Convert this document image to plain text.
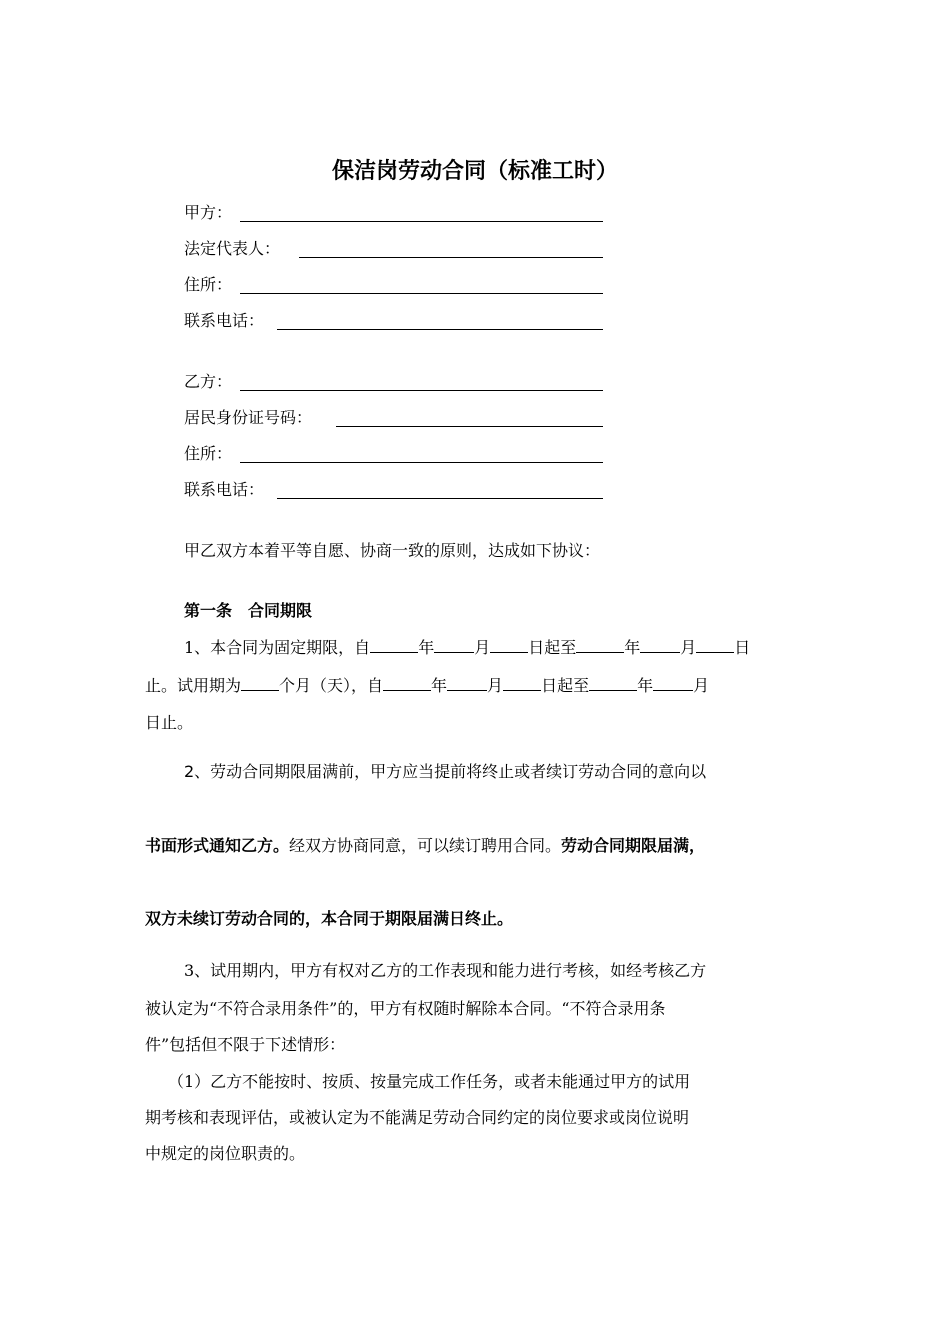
保洁岗劳动合同（标准工时）
甲方：
法定代表人：
住所：
联系电话：
乙方：
居民身份证号码：
住所：
联系电话：
甲乙双方本着平等自愿、协商一致的原则，达成如下协议：
第一条　合同期限
1、本合同为固定期限，自	年	月 日起至	年	月 日
止。试用期为 个月（天），自	年	月 日起至	年	月
日止。
2、劳动合同期限届满前，甲方应当提前将终止或者续订劳动合同的意向以
书面形式通知乙方。经双方协商同意，可以续订聘用合同。劳动合同期限届满，
双方未续订劳动合同的，本合同于期限届满日终止。
3、试用期内，甲方有权对乙方的工作表现和能力进行考核，如经考核乙方
被认定为“不符合录用条件”的，甲方有权随时解除本合同。“不符合录用条
件”包括但不限于下述情形：
（1）乙方不能按时、按质、按量完成工作任务，或者未能通过甲方的试用
期考核和表现评估，或被认定为不能满足劳动合同约定的岗位要求或岗位说明
中规定的岗位职责的。
